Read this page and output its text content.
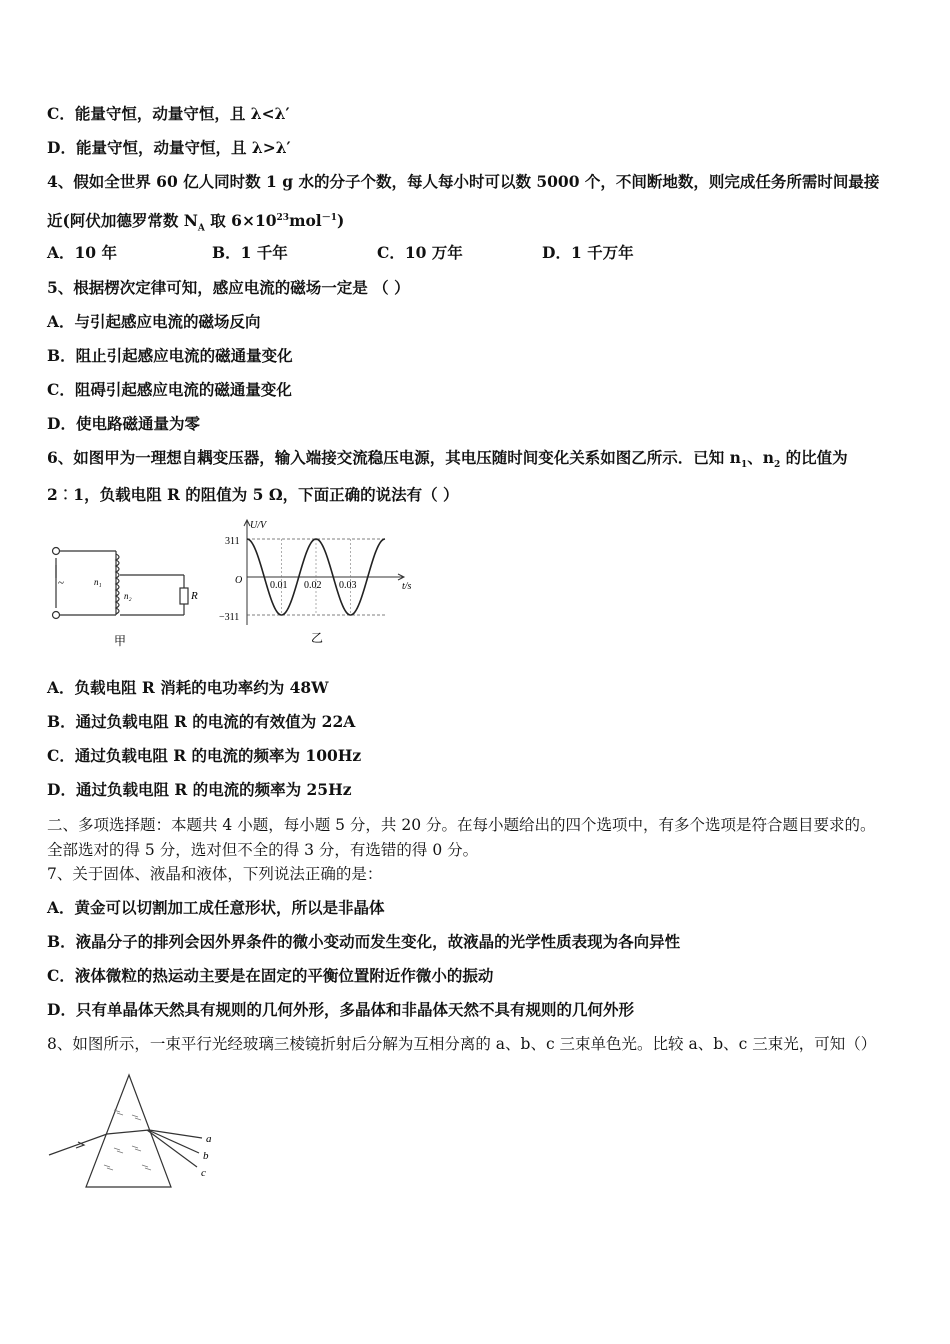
C．能量守恒，动量守恒，且 λ<λ′
D．能量守恒，动量守恒，且 λ>λ′
4、假如全世界 60 亿人同时数 1 g 水的分子个数，每人每小时可以数 5000 个，不间断地数，则完成任务所需时间最接
近(阿伏加德罗常数 $N_A$ 取 $6\times 10^{23}mol^{-1}$)
A．10 年	B．1 千年	C．10 万年	D．1 千万年
5、根据楞次定律可知，感应电流的磁场一定是 （ ）
A．与引起感应电流的磁场反向
B．阻止引起感应电流的磁通量变化
C．阻碍引起感应电流的磁通量变化
D．使电路磁通量为零
6、如图甲为一理想自耦变压器，输入端接交流稳压电源，其电压随时间变化关系如图乙所示．已知 $n_1$、$n_2$ 的比值为
2︰1，负载电阻 R 的阻值为 5 Ω，下面正确的说法有（ ）
~	n₁
n₂	R
甲
U/V
t/s
O
311
−311
0.01 0.02 0.03
乙
A．负载电阻 R 消耗的电功率约为 48W
B．通过负载电阻 R 的电流的有效值为 22A
C．通过负载电阻 R 的电流的频率为 100Hz
D．通过负载电阻 R 的电流的频率为 25Hz
二、多项选择题：本题共 4 小题，每小题 5 分，共 20 分。在每小题给出的四个选项中，有多个选项是符合题目要求的。
全部选对的得 5 分，选对但不全的得 3 分，有选错的得 0 分。
7、关于固体、液晶和液体，下列说法正确的是：
A．黄金可以切割加工成任意形状，所以是非晶体
B．液晶分子的排列会因外界条件的微小变动而发生变化，故液晶的光学性质表现为各向异性
C．液体微粒的热运动主要是在固定的平衡位置附近作微小的振动
D．只有单晶体天然具有规则的几何外形，多晶体和非晶体天然不具有规则的几何外形
8、如图所示，一束平行光经玻璃三棱镜折射后分解为互相分离的 a、b、c 三束单色光。比较 a、b、c 三束光，可知（）
a
b
c
